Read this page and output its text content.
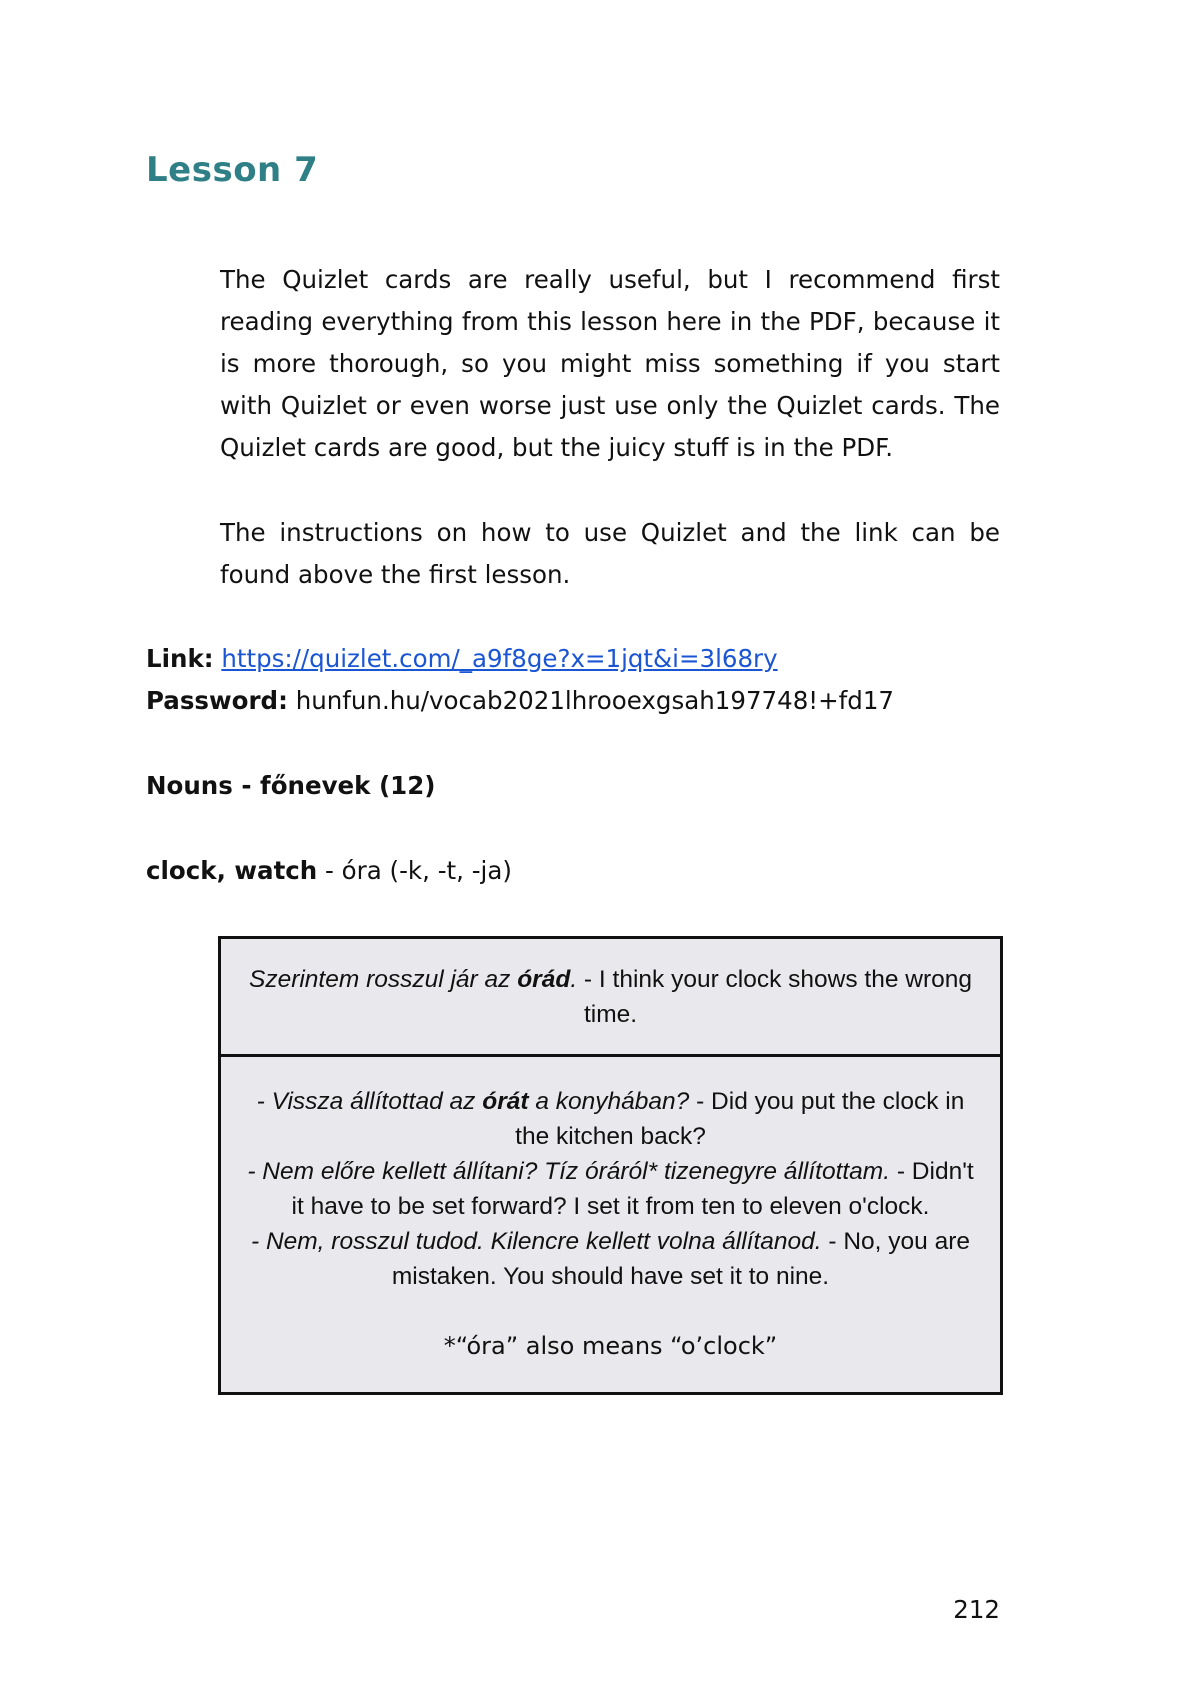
Lesson 7

The Quizlet cards are really useful, but I recommend first reading everything from this lesson here in the PDF, because it is more thorough, so you might miss something if you start with Quizlet or even worse just use only the Quizlet cards. The Quizlet cards are good, but the juicy stuff is in the PDF.

The instructions on how to use Quizlet and the link can be found above the first lesson.

Link: https://quizlet.com/_a9f8ge?x=1jqt&i=3l68ry

Password: hunfun.hu/vocab2021lhrooexgsah197748!+fd17

Nouns - főnevek (12)

clock, watch - óra (-k, -t, -ja)

Szerintem rosszul jár az órád. - I think your clock shows the wrong time.
- Vissza állítottad az órát a konyhában? - Did you put the clock in the kitchen back?
- Nem előre kellett állítani? Tíz óráról* tizenegyre állítottam. - Didn't it have to be set forward? I set it from ten to eleven o'clock.
- Nem, rosszul tudod. Kilencre kellett volna állítanod. - No, you are mistaken. You should have set it to nine.
*“óra” also means “o’clock”

212
